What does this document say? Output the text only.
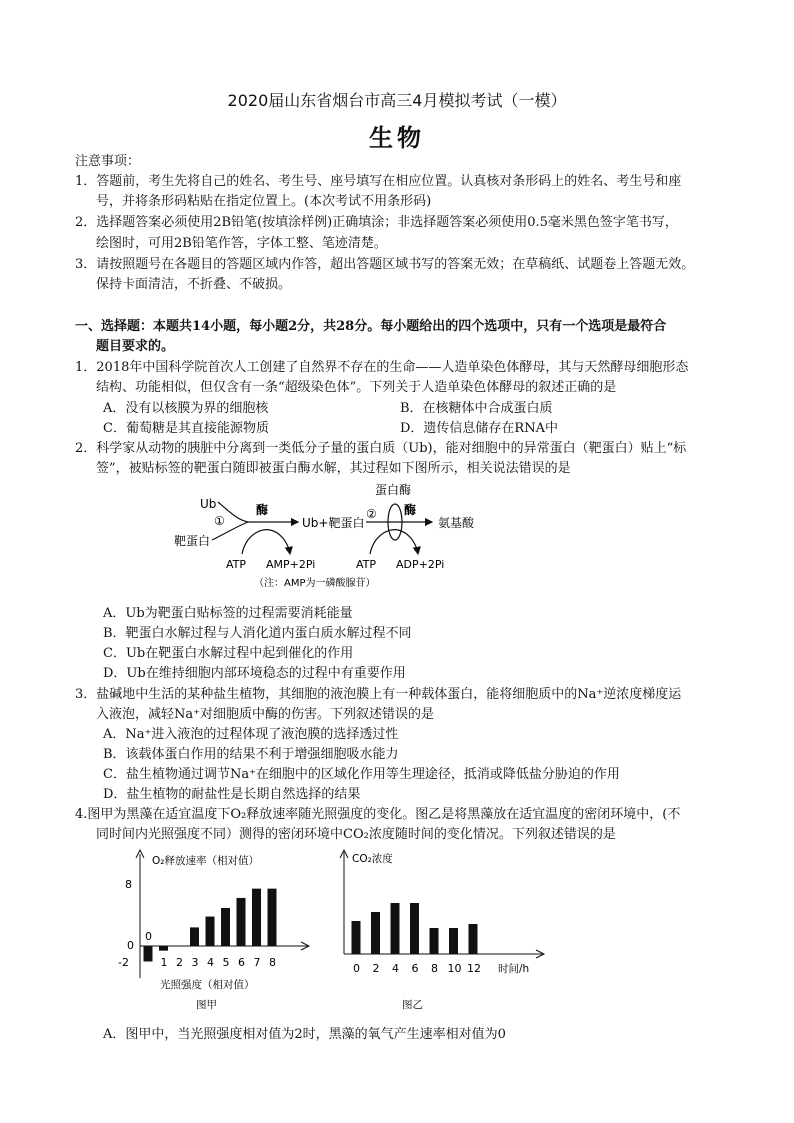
2020届山东省烟台市高三4月模拟考试（一模）
生物
注意事项：
1．答题前，考生先将自己的姓名、考生号、座号填写在相应位置。认真核对条形码上的姓名、考生号和座
号，并将条形码粘贴在指定位置上。(本次考试不用条形码)
2．选择题答案必须使用2B铅笔(按填涂样例)正确填涂；非选择题答案必须使用0.5毫米黑色签字笔书写，
绘图时，可用2B铅笔作答，字体工整、笔迹清楚。
3．请按照题号在各题目的答题区域内作答，超出答题区域书写的答案无效；在草稿纸、试题卷上答题无效。
保持卡面清洁，不折叠、不破损。
一、选择题：本题共14小题，每小题2分，共28分。每小题给出的四个选项中，只有一个选项是最符合
题目要求的。
1．2018年中国科学院首次人工创建了自然界不存在的生命——人造单染色体酵母，其与天然酵母细胞形态
结构、功能相似，但仅含有一条“超级染色体”。下列关于人造单染色体酵母的叙述正确的是
A．没有以核膜为界的细胞核	B．在核糖体中合成蛋白质
C．葡萄糖是其直接能源物质	D．遗传信息储存在RNA中
2．科学家从动物的胰脏中分离到一类低分子量的蛋白质（Ub)，能对细胞中的异常蛋白（靶蛋白）贴上“标
签”，被贴标签的靶蛋白随即被蛋白酶水解，其过程如下图所示，相关说法错误的是
Ub
靶蛋白
①
酶
ATP AMP+2Pi
Ub+靶蛋白
②
蛋白酶
酶
ATP ADP+2Pi
氨基酸
（注：AMP为一磷酸腺苷）
A．Ub为靶蛋白贴标签的过程需要消耗能量
B．靶蛋白水解过程与人消化道内蛋白质水解过程不同
C．Ub在靶蛋白水解过程中起到催化的作用
D．Ub在维持细胞内部环境稳态的过程中有重要作用
3．盐碱地中生活的某种盐生植物，其细胞的液泡膜上有一种载体蛋白，能将细胞质中的Na⁺逆浓度梯度运
入液泡，减轻Na⁺对细胞质中酶的伤害。下列叙述错误的是
A．Na⁺进入液泡的过程体现了液泡膜的选择透过性
B．该载体蛋白作用的结果不利于增强细胞吸水能力
C．盐生植物通过调节Na⁺在细胞中的区域化作用等生理途径，抵消或降低盐分胁迫的作用
D．盐生植物的耐盐性是长期自然选择的结果
4.图甲为黑藻在适宜温度下O₂释放速率随光照强度的变化。图乙是将黑藻放在适宜温度的密闭环境中，(不
同时间内光照强度不同）测得的密闭环境中CO₂浓度随时间的变化情况。下列叙述错误的是
O₂释放速率（相对值）
8
0
-2
0
1 2 3 4 5 6 7 8
光照强度（相对值）
图甲
CO₂浓度
0 2 4 6 8 10 12 时间/h
图乙
A．图甲中，当光照强度相对值为2时，黑藻的氧气产生速率相对值为0
